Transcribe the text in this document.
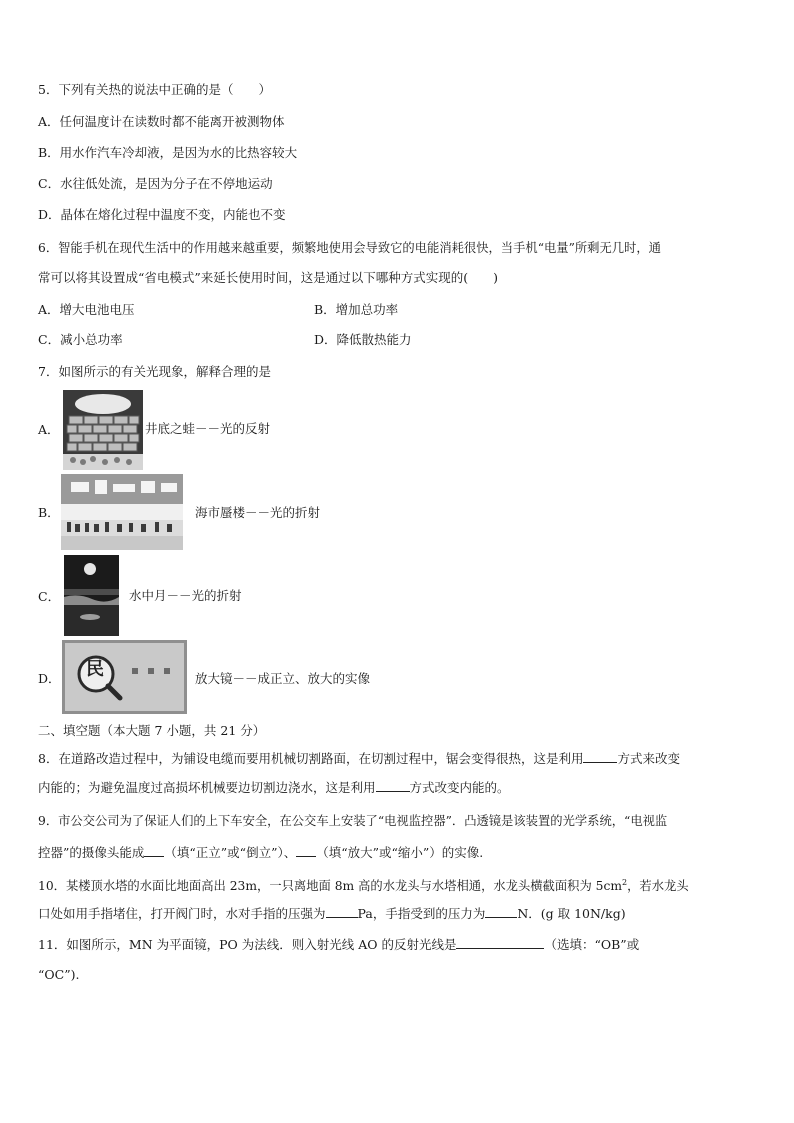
5．下列有关热的说法中正确的是（　　）
A．任何温度计在读数时都不能离开被测物体
B．用水作汽车冷却液，是因为水的比热容较大
C．水往低处流，是因为分子在不停地运动
D．晶体在熔化过程中温度不变，内能也不变
6．智能手机在现代生活中的作用越来越重要，频繁地使用会导致它的电能消耗很快，当手机“电量”所剩无几时，通
常可以将其设置成“省电模式”来延长使用时间，这是通过以下哪种方式实现的(　　)
A．增大电池电压	B．增加总功率
C．减小总功率	D．降低散热能力
7．如图所示的有关光现象，解释合理的是
A．	井底之蛙－－光的反射
B．	海市蜃楼－－光的折射
C．	水中月－－光的折射
D． 民	放大镜－－成正立、放大的实像
二、填空题（本大题 7 小题，共 21 分）
8．在道路改造过程中，为铺设电缆而要用机械切割路面，在切割过程中，锯会变得很热，这是利用	方式来改变
内能的；为避免温度过高损坏机械要边切割边浇水，这是利用	方式改变内能的。
9．市公交公司为了保证人们的上下车安全，在公交车上安装了“电视监控器”．凸透镜是该装置的光学系统，“电视监
控器”的摄像头能成 （填“正立”或“倒立”）、 （填“放大”或“缩小”）的实像.
10．某楼顶水塔的水面比地面高出 23m，一只离地面 8m 高的水龙头与水塔相通，水龙头横截面积为 $5cm^2$，若水龙头
口处如用手指堵住，打开阀门时，水对手指的压强为	Pa，手指受到的压力为	N．(g 取 10N/kg)
11．如图所示，MN 为平面镜，PO 为法线．则入射光线 AO 的反射光线是	（选填：“OB”或
“OC”).
